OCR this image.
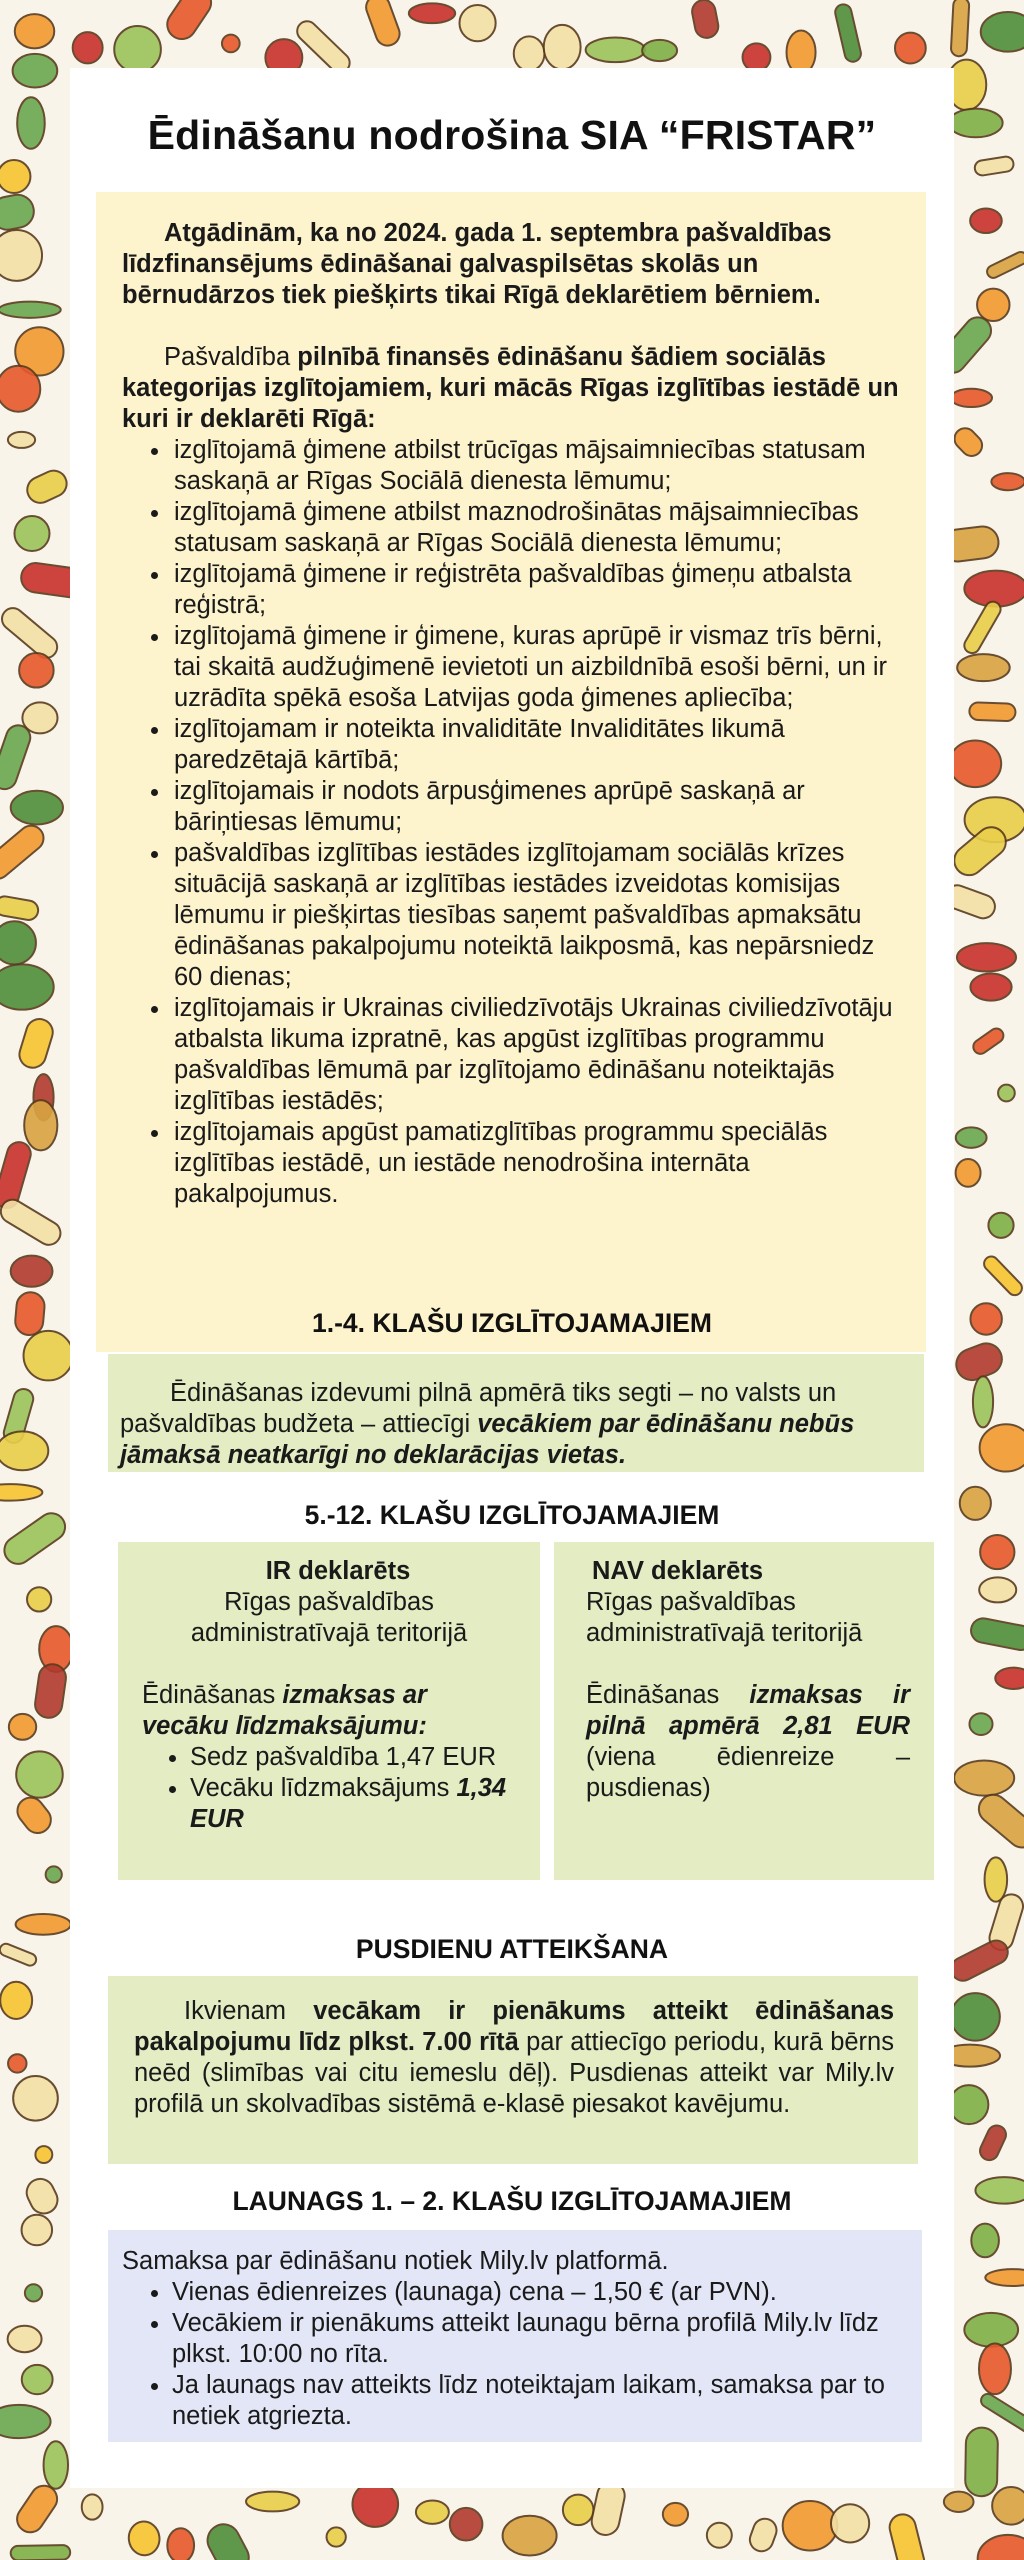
Ēdināšanu nodrošina SIA “FRISTAR”

Atgādinām, ka no 2024. gada 1. septembra pašvaldības līdzfinansējums ēdināšanai galvaspilsētas skolās un bērnudārzos tiek piešķirts tikai Rīgā deklarētiem bērniem.

Pašvaldība pilnībā finansēs ēdināšanu šādiem sociālās kategorijas izglītojamiem, kuri mācās Rīgas izglītības iestādē un kuri ir deklarēti Rīgā:

• izglītojamā ģimene atbilst trūcīgas mājsaimniecības statusam saskaņā ar Rīgas Sociālā dienesta lēmumu;
• izglītojamā ģimene atbilst maznodrošinātas mājsaimniecības statusam saskaņā ar Rīgas Sociālā dienesta lēmumu;
• izglītojamā ģimene ir reģistrēta pašvaldības ģimeņu atbalsta reģistrā;
• izglītojamā ģimene ir ģimene, kuras aprūpē ir vismaz trīs bērni, tai skaitā audžuģimenē ievietoti un aizbildnībā esoši bērni, un ir uzrādīta spēkā esoša Latvijas goda ģimenes apliecība;
• izglītojamam ir noteikta invaliditāte Invaliditātes likumā paredzētajā kārtībā;
• izglītojamais ir nodots ārpusģimenes aprūpē saskaņā ar bāriņtiesas lēmumu;
• pašvaldības izglītības iestādes izglītojamam sociālās krīzes situācijā saskaņā ar izglītības iestādes izveidotas komisijas lēmumu ir piešķirtas tiesības saņemt pašvaldības apmaksātu ēdināšanas pakalpojumu noteiktā laikposmā, kas nepārsniedz 60 dienas;
• izglītojamais ir Ukrainas civiliedzīvotājs Ukrainas civiliedzīvotāju atbalsta likuma izpratnē, kas apgūst izglītības programmu pašvaldības lēmumā par izglītojamo ēdināšanu noteiktajās izglītības iestādēs;
• izglītojamais apgūst pamatizglītības programmu speciālās izglītības iestādē, un iestāde nenodrošina internāta pakalpojumus.
1.-4. KLAŠU IZGLĪTOJAMAJIEM

Ēdināšanas izdevumi pilnā apmērā tiks segti – no valsts un pašvaldības budžeta – attiecīgi vecākiem par ēdināšanu nebūs jāmaksā neatkarīgi no deklarācijas vietas.

5.-12. KLAŠU IZGLĪTOJAMAJIEM
IR deklarēts
Rīgas pašvaldības administratīvajā teritorijā
Ēdināšanas izmaksas ar vecāku līdzmaksājumu:
• Sedz pašvaldība 1,47 EUR
• Vecāku līdzmaksājums 1,34 EUR
NAV deklarēts
Rīgas pašvaldības administratīvajā teritorijā
Ēdināšanas izmaksas ir pilnā apmērā 2,81 EUR (viena ēdienreize – pusdienas)
PUSDIENU ATTEIKŠANA

Ikvienam vecākam ir pienākums atteikt ēdināšanas pakalpojumu līdz plkst. 7.00 rītā par attiecīgo periodu, kurā bērns neēd (slimības vai citu iemeslu dēļ). Pusdienas atteikt var Mily.lv profilā un skolvadības sistēmā e-klasē piesakot kavējumu.

LAUNAGS 1. – 2. KLAŠU IZGLĪTOJAMAJIEM

Samaksa par ēdināšanu notiek Mily.lv platformā.

• Vienas ēdienreizes (launaga) cena – 1,50 € (ar PVN).
• Vecākiem ir pienākums atteikt launagu bērna profilā Mily.lv līdz plkst. 10:00 no rīta.
• Ja launags nav atteikts līdz noteiktajam laikam, samaksa par to netiek atgriezta.
